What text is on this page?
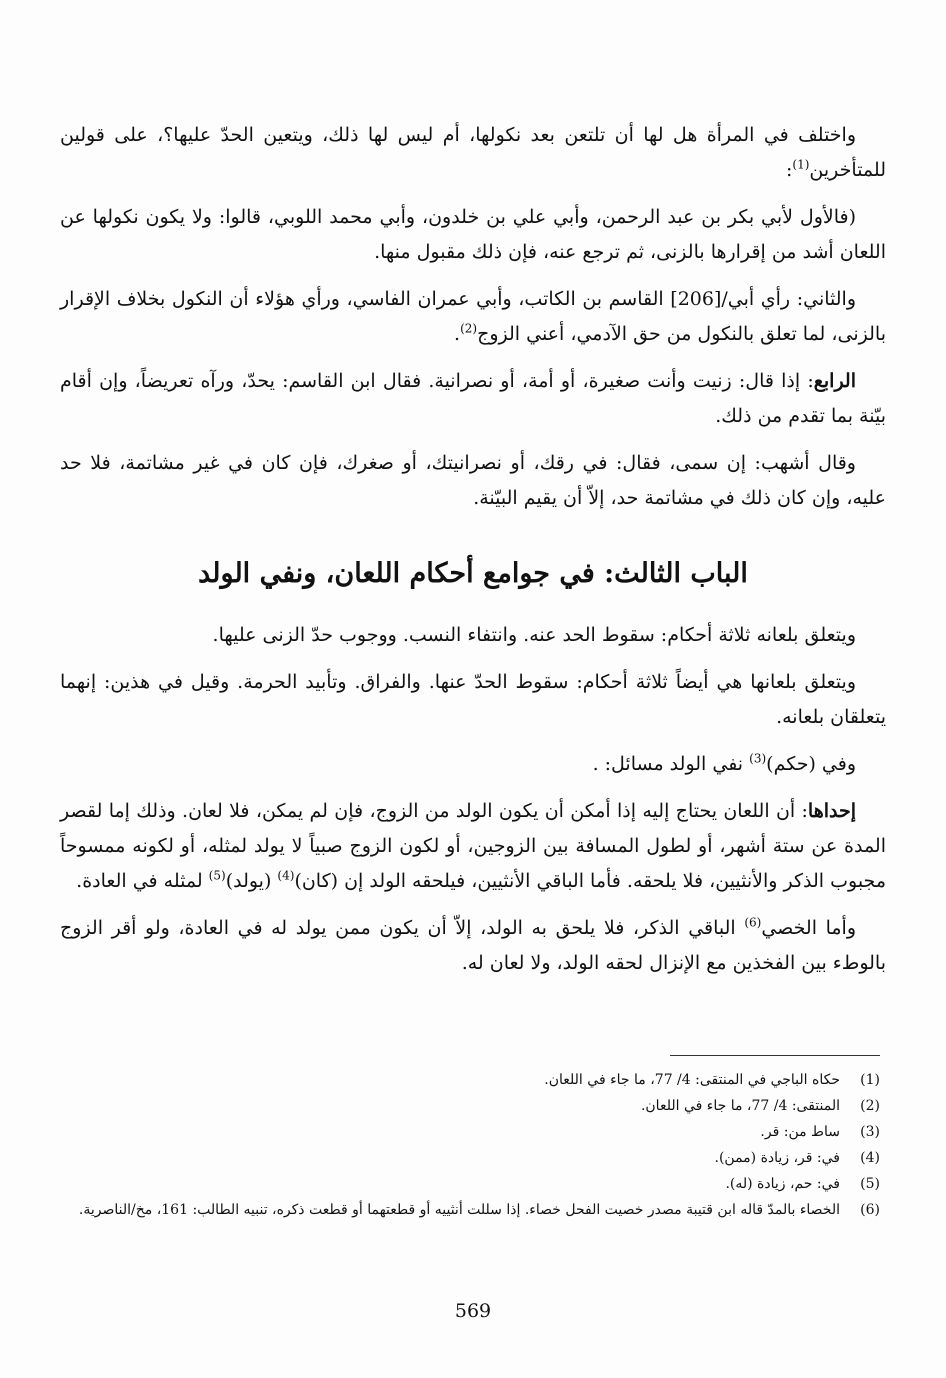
واختلف في المرأة هل لها أن تلتعن بعد نكولها، أم ليس لها ذلك، ويتعين الحدّ عليها؟، على قولين للمتأخرين$^{(1)}$:

(فالأول لأبي بكر بن عبد الرحمن، وأبي علي بن خلدون، وأبي محمد اللوبي، قالوا: ولا يكون نكولها عن اللعان أشد من إقرارها بالزنى، ثم ترجع عنه، فإن ذلك مقبول منها.

والثاني: رأي أبي/[206] القاسم بن الكاتب، وأبي عمران الفاسي، ورأي هؤلاء أن النكول بخلاف الإقرار بالزنى، لما تعلق بالنكول من حق الآدمي، أعني الزوج$^{(2)}$.

الرابع: إذا قال: زنيت وأنت صغيرة، أو أمة، أو نصرانية. فقال ابن القاسم: يحدّ، ورآه تعريضاً، وإن أقام بيّنة بما تقدم من ذلك.

وقال أشهب: إن سمى، فقال: في رقك، أو نصرانيتك، أو صغرك، فإن كان في غير مشاتمة، فلا حد عليه، وإن كان ذلك في مشاتمة حد، إلاّ أن يقيم البيّنة.

الباب الثالث: في جوامع أحكام اللعان، ونفي الولد

ويتعلق بلعانه ثلاثة أحكام: سقوط الحد عنه. وانتفاء النسب. ووجوب حدّ الزنى عليها.

ويتعلق بلعانها هي أيضاً ثلاثة أحكام: سقوط الحدّ عنها. والفراق. وتأبيد الحرمة. وقيل في هذين: إنهما يتعلقان بلعانه.

وفي (حكم)$^{(3)}$ نفي الولد مسائل: .

إحداها: أن اللعان يحتاج إليه إذا أمكن أن يكون الولد من الزوج، فإن لم يمكن، فلا لعان. وذلك إما لقصر المدة عن ستة أشهر، أو لطول المسافة بين الزوجين، أو لكون الزوج صبياً لا يولد لمثله، أو لكونه ممسوحاً مجبوب الذكر والأنثيين، فلا يلحقه. فأما الباقي الأنثيين، فيلحقه الولد إن (كان)$^{(4)}$ (يولد)$^{(5)}$ لمثله في العادة.

وأما الخصي$^{(6)}$ الباقي الذكر، فلا يلحق به الولد، إلاّ أن يكون ممن يولد له في العادة، ولو أقر الزوج بالوطء بين الفخذين مع الإنزال لحقه الولد، ولا لعان له.

(1)
حكاه الباجي في المنتقى: 4/ 77، ما جاء في اللعان.
(2)
المنتقى: 4/ 77، ما جاء في اللعان.
(3)
ساط من: قر.
(4)
في: قر، زيادة (ممن).
(5)
في: حم، زيادة (له).
(6)
الخصاء بالمدّ قاله ابن قتيبة مصدر خصيت الفحل خصاء. إذا سللت أنثييه أو قطعتهما أو قطعت ذكره، تنبيه الطالب: 161، مخ/الناصرية.
569
